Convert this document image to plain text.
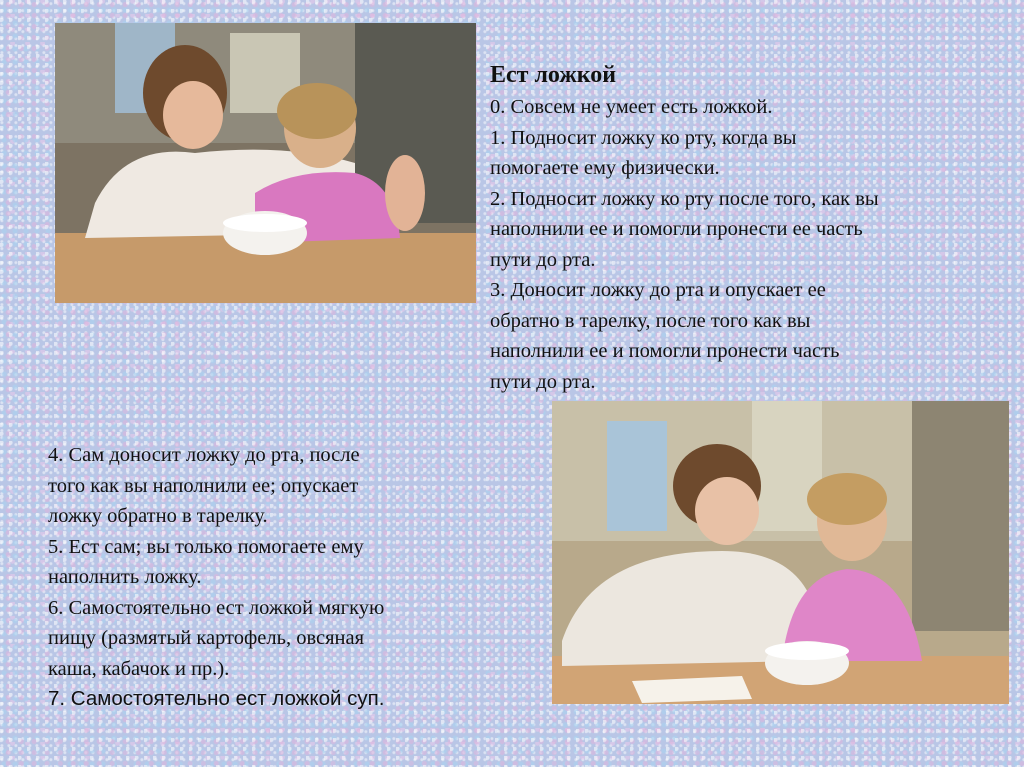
Ест ложкой
0. Совсем не умеет есть ложкой.
1. Подносит ложку ко рту, когда вы
помогаете ему физически.
2. Подносит ложку ко рту после того, как вы
наполнили ее и помогли пронести ее часть
пути до рта.
3. Доносит ложку до рта и опускает ее
обратно в тарелку, после того как вы
наполнили ее и помогли пронести часть
пути до рта.
4. Сам доносит ложку до рта, после
того как вы наполнили ее; опускает
ложку обратно в тарелку.
5. Ест сам; вы только помогаете ему
наполнить ложку.
6. Самостоятельно ест ложкой мягкую
пищу (размятый картофель, овсяная
каша, кабачок и пр.).
7. Самостоятельно ест ложкой суп.
